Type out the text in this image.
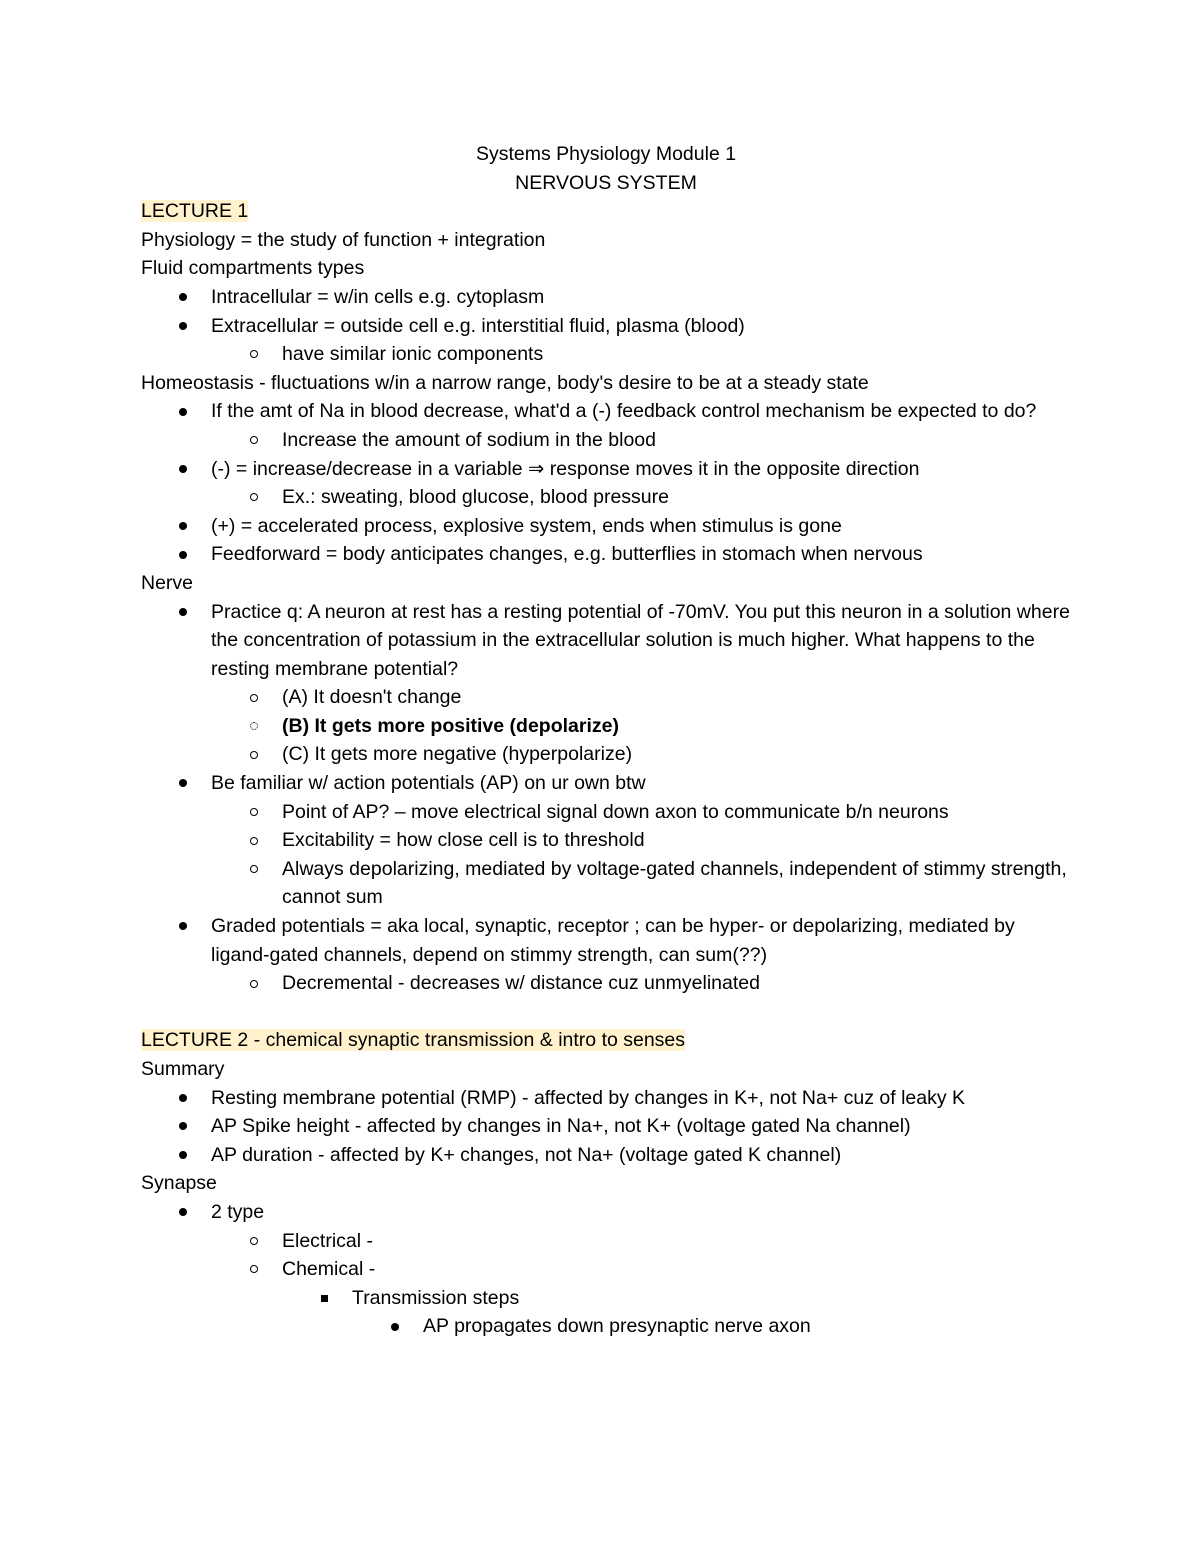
Systems Physiology Module 1
NERVOUS SYSTEM
LECTURE 1
Physiology = the study of function + integration
Fluid compartments types
Intracellular = w/in cells e.g. cytoplasm
Extracellular = outside cell e.g. interstitial fluid, plasma (blood)
have similar ionic components
Homeostasis - fluctuations w/in a narrow range, body's desire to be at a steady state
If the amt of Na in blood decrease, what'd a (-) feedback control mechanism be expected to do?
Increase the amount of sodium in the blood
(-) = increase/decrease in a variable ⇒ response moves it in the opposite direction
Ex.: sweating, blood glucose, blood pressure
(+) = accelerated process, explosive system, ends when stimulus is gone
Feedforward = body anticipates changes, e.g. butterflies in stomach when nervous
Nerve
Practice q: A neuron at rest has a resting potential of -70mV. You put this neuron in a solution where the concentration of potassium in the extracellular solution is much higher. What happens to the resting membrane potential?
(A) It doesn't change
(B) It gets more positive (depolarize)
(C) It gets more negative (hyperpolarize)
Be familiar w/ action potentials (AP) on ur own btw
Point of AP? – move electrical signal down axon to communicate b/n neurons
Excitability = how close cell is to threshold
Always depolarizing, mediated by voltage-gated channels, independent of stimmy strength, cannot sum
Graded potentials = aka local, synaptic, receptor ; can be hyper- or depolarizing, mediated by ligand-gated channels, depend on stimmy strength, can sum(??)
Decremental - decreases w/ distance cuz unmyelinated
LECTURE 2 - chemical synaptic transmission & intro to senses
Summary
Resting membrane potential (RMP) - affected by changes in K+, not Na+ cuz of leaky K
AP Spike height - affected by changes in Na+, not K+ (voltage gated Na channel)
AP duration - affected by K+ changes, not Na+ (voltage gated K channel)
Synapse
2 type
Electrical -
Chemical -
Transmission steps
AP propagates down presynaptic nerve axon
